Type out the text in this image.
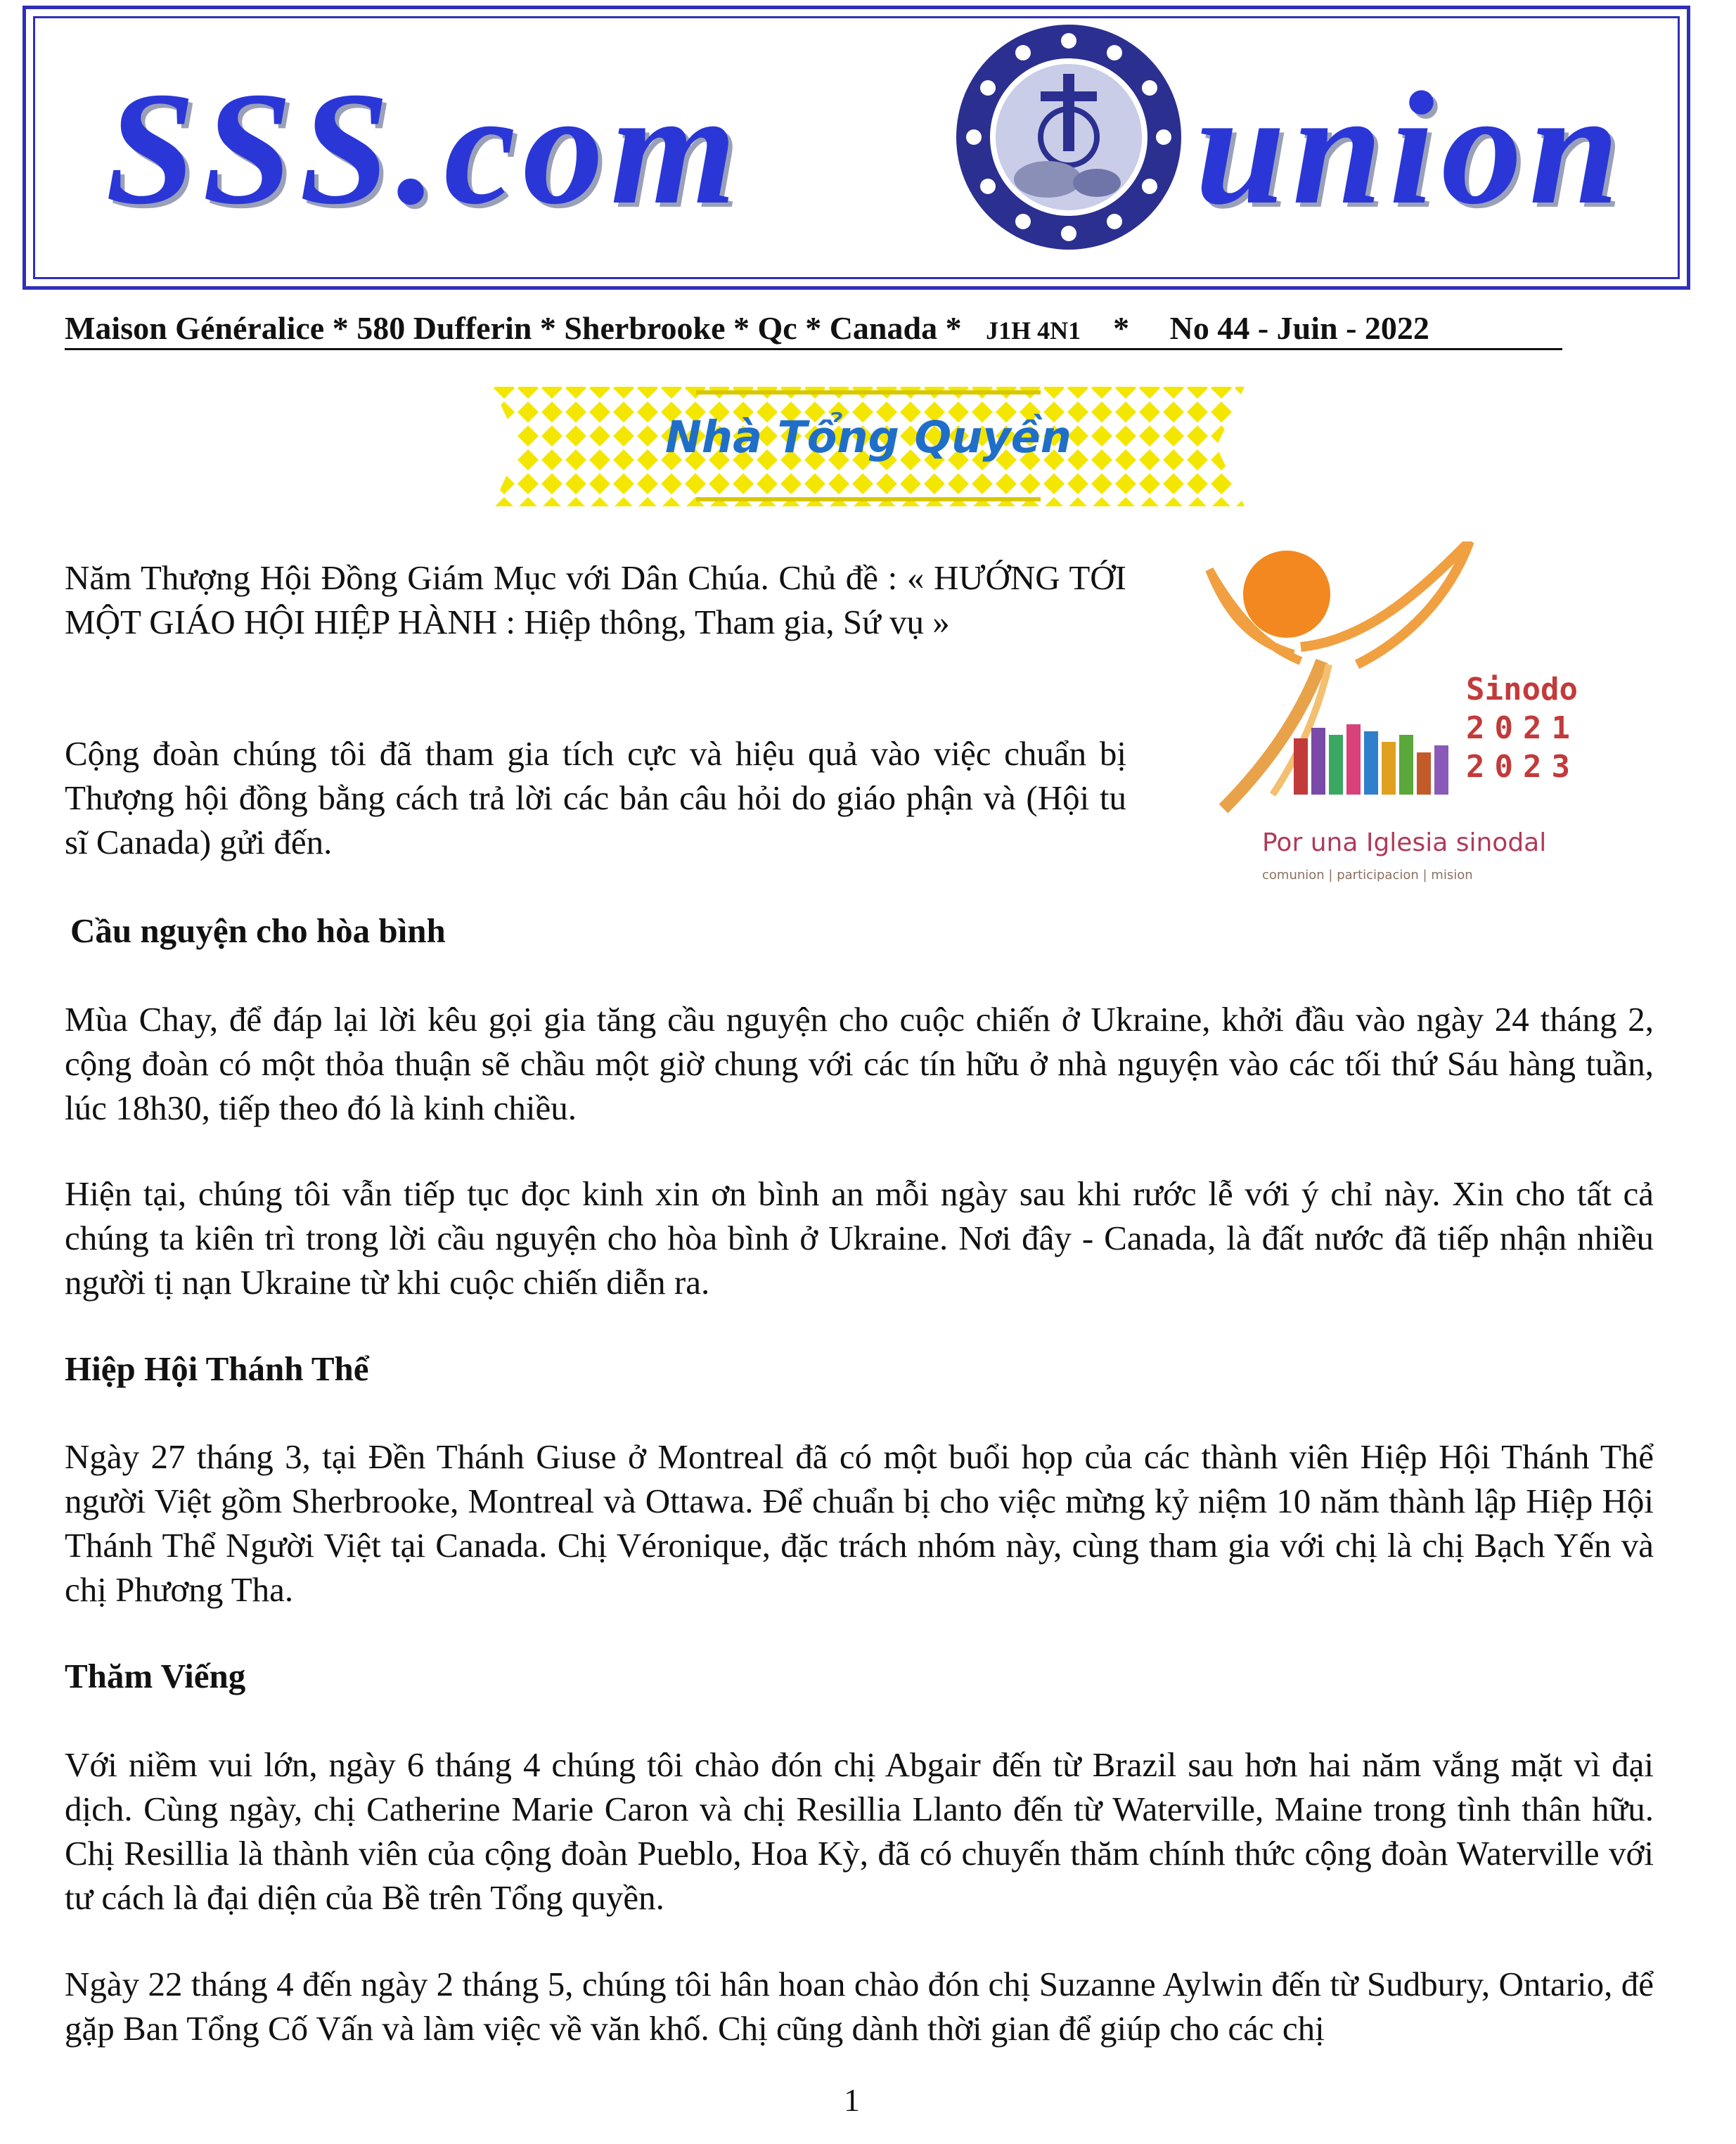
SSS.com	union
Maison Généralice * 580 Dufferin * Sherbrooke * Qc * Canada * J1H 4N1 * No 44 - Juin - 2022
Nhà Tổng Quyền
Sinodo
2021
2023
Por una Iglesia sinodal
comunion | participacion | mision

Năm Thượng Hội Đồng Giám Mục với Dân Chúa. Chủ đề : « HƯỚNG TỚI MỘT GIÁO HỘI HIỆP HÀNH : Hiệp thông, Tham gia, Sứ vụ »

Cộng đoàn chúng tôi đã tham gia tích cực và hiệu quả vào việc chuẩn bị Thượng hội đồng bằng cách trả lời các bản câu hỏi do giáo phận và (Hội tu sĩ Canada) gửi đến.

Cầu nguyện cho hòa bình

Mùa Chay, để đáp lại lời kêu gọi gia tăng cầu nguyện cho cuộc chiến ở Ukraine, khởi đầu vào ngày 24 tháng 2, cộng đoàn có một thỏa thuận sẽ chầu một giờ chung với các tín hữu ở nhà nguyện vào các tối thứ Sáu hàng tuần, lúc 18h30, tiếp theo đó là kinh chiều.

Hiện tại, chúng tôi vẫn tiếp tục đọc kinh xin ơn bình an mỗi ngày sau khi rước lễ với ý chỉ này. Xin cho tất cả chúng ta kiên trì trong lời cầu nguyện cho hòa bình ở Ukraine. Nơi đây - Canada, là đất nước đã tiếp nhận nhiều người tị nạn Ukraine từ khi cuộc chiến diễn ra.

Hiệp Hội Thánh Thể

Ngày 27 tháng 3, tại Đền Thánh Giuse ở Montreal đã có một buổi họp của các thành viên Hiệp Hội Thánh Thể người Việt gồm Sherbrooke, Montreal và Ottawa. Để chuẩn bị cho việc mừng kỷ niệm 10 năm thành lập Hiệp Hội Thánh Thể Người Việt tại Canada. Chị Véronique, đặc trách nhóm này, cùng tham gia với chị là chị Bạch Yến và chị Phương Tha.

Thăm Viếng

Với niềm vui lớn, ngày 6 tháng 4 chúng tôi chào đón chị Abgair đến từ Brazil sau hơn hai năm vắng mặt vì đại dịch. Cùng ngày, chị Catherine Marie Caron và chị Resillia Llanto đến từ Waterville, Maine trong tình thân hữu. Chị Resillia là thành viên của cộng đoàn Pueblo, Hoa Kỳ, đã có chuyến thăm chính thức cộng đoàn Waterville với tư cách là đại diện của Bề trên Tổng quyền.

Ngày 22 tháng 4 đến ngày 2 tháng 5, chúng tôi hân hoan chào đón chị Suzanne Aylwin đến từ Sudbury, Ontario, để gặp Ban Tổng Cố Vấn và làm việc về văn khố. Chị cũng dành thời gian để giúp cho các chị

1
